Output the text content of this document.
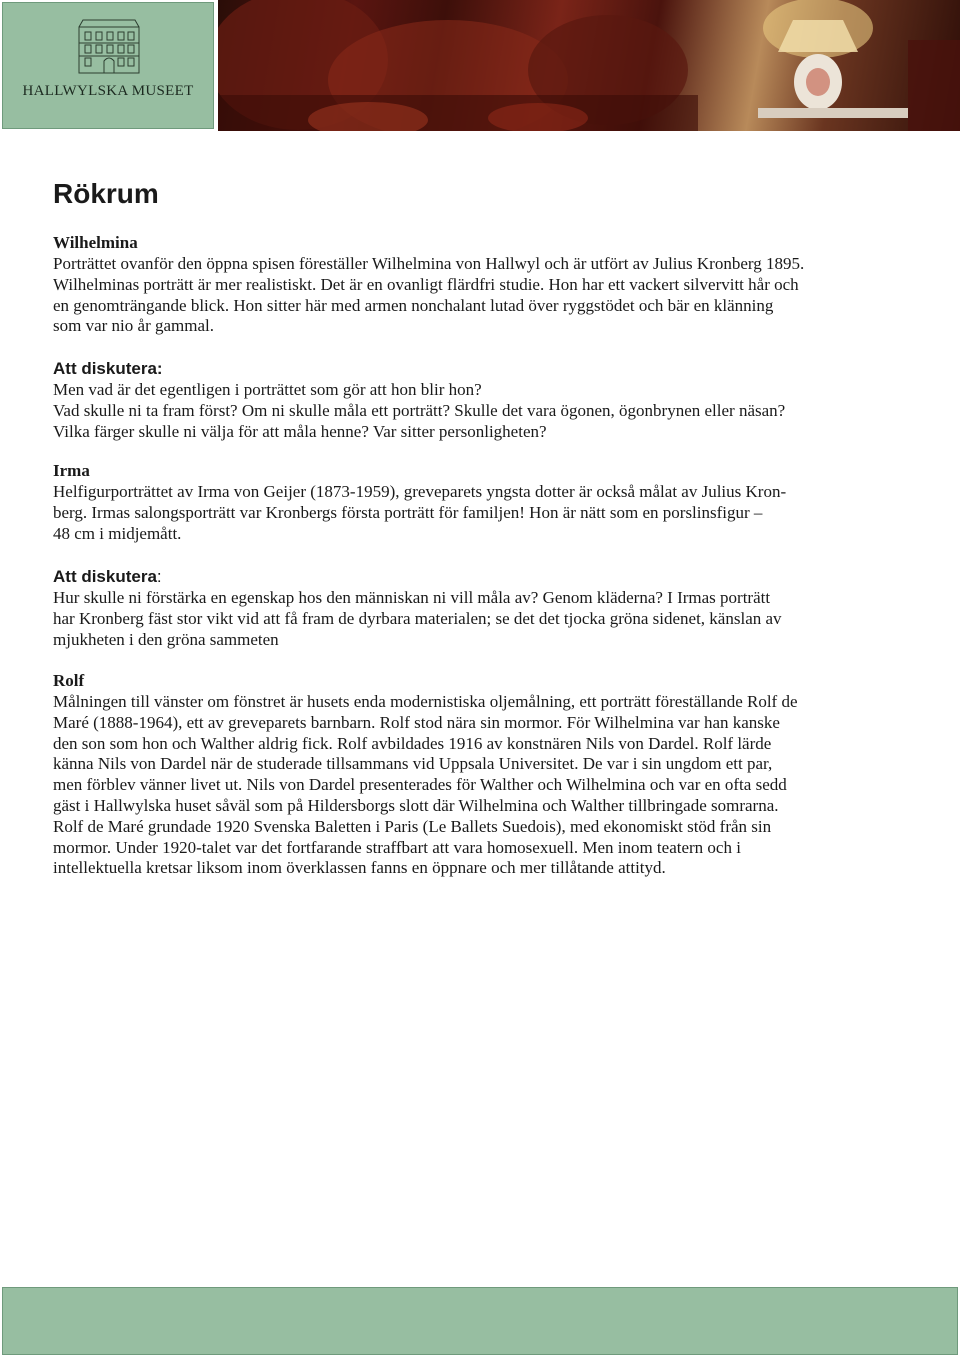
HALLWYLSKA MUSEET
Rökrum
Wilhelmina

Porträttet ovanför den öppna spisen föreställer Wilhelmina von Hallwyl och är utfört av Julius Kronberg 1895.
Wilhelminas porträtt är mer realistiskt. Det är en ovanligt flärdfri studie. Hon har ett vackert silvervitt hår och
en genomträngande blick. Hon sitter här med armen nonchalant lutad över ryggstödet och bär en klänning
som var nio år gammal.

Att diskutera:

Men vad är det egentligen i porträttet som gör att hon blir hon?
Vad skulle ni ta fram först? Om ni skulle måla ett porträtt? Skulle det vara ögonen, ögonbrynen eller näsan?
Vilka färger skulle ni välja för att måla henne? Var sitter personligheten?

Irma

Helfigurporträttet av Irma von Geijer (1873-1959), greveparets yngsta dotter är också målat av Julius Kron-
berg. Irmas salongsporträtt var Kronbergs första porträtt för familjen! Hon är nätt som en porslinsfigur –
48 cm i midjemått.

Att diskutera:

Hur skulle ni förstärka en egenskap hos den människan ni vill måla av? Genom kläderna? I Irmas porträtt
har Kronberg fäst stor vikt vid att få fram de dyrbara materialen; se det det tjocka gröna sidenet, känslan av
mjukheten i den gröna sammeten

Rolf

Målningen till vänster om fönstret är husets enda modernistiska oljemålning, ett porträtt föreställande Rolf de
Maré (1888-1964), ett av greveparets barnbarn. Rolf stod nära sin mormor. För Wilhelmina var han kanske
den son som hon och Walther aldrig fick. Rolf avbildades 1916 av konstnären Nils von Dardel. Rolf lärde
känna Nils von Dardel när de studerade tillsammans vid Uppsala Universitet. De var i sin ungdom ett par,
men förblev vänner livet ut. Nils von Dardel presenterades för Walther och Wilhelmina och var en ofta sedd
gäst i Hallwylska huset såväl som på Hildersborgs slott där Wilhelmina och Walther tillbringade somrarna.
Rolf de Maré grundade 1920 Svenska Baletten i Paris (Le Ballets Suedois), med ekonomiskt stöd från sin
mormor. Under 1920-talet var det fortfarande straffbart att vara homosexuell. Men inom teatern och i
intellektuella kretsar liksom inom överklassen fanns en öppnare och mer tillåtande attityd.
